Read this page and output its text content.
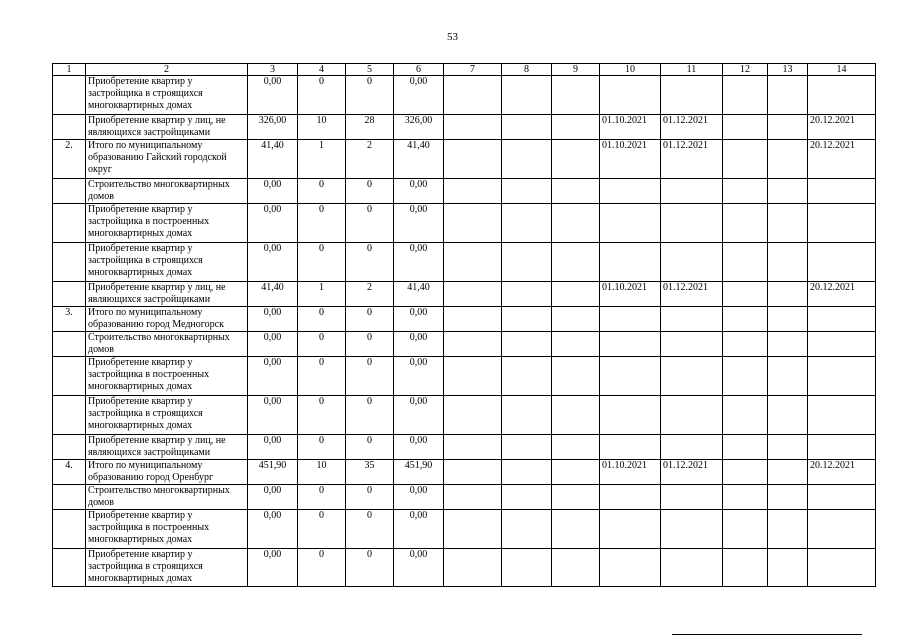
53
1	2	3	4	5	6	7	8	9	10	11	12	13	14
	Приобретение квартир у застройщика в строящихся многоквартирных домах	0,00	0	0	0,00								
	Приобретение квартир у лиц, не являющихся застройщиками	326,00	10	28	326,00				01.10.2021	01.12.2021			20.12.2021
2.	Итого по муниципальному образованию Гайский городской округ	41,40	1	2	41,40				01.10.2021	01.12.2021			20.12.2021
	Строительство многоквартирных домов	0,00	0	0	0,00								
	Приобретение квартир у застройщика в построенных многоквартирных домах	0,00	0	0	0,00								
	Приобретение квартир у застройщика в строящихся многоквартирных домах	0,00	0	0	0,00								
	Приобретение квартир у лиц, не являющихся застройщиками	41,40	1	2	41,40				01.10.2021	01.12.2021			20.12.2021
3.	Итого по муниципальному образованию город Медногорск	0,00	0	0	0,00								
	Строительство многоквартирных домов	0,00	0	0	0,00								
	Приобретение квартир у застройщика в построенных многоквартирных домах	0,00	0	0	0,00								
	Приобретение квартир у застройщика в строящихся многоквартирных домах	0,00	0	0	0,00								
	Приобретение квартир у лиц, не являющихся застройщиками	0,00	0	0	0,00								
4.	Итого по муниципальному образованию город Оренбург	451,90	10	35	451,90				01.10.2021	01.12.2021			20.12.2021
	Строительство многоквартирных домов	0,00	0	0	0,00								
	Приобретение квартир у застройщика в построенных многоквартирных домах	0,00	0	0	0,00								
	Приобретение квартир у застройщика в строящихся многоквартирных домах	0,00	0	0	0,00								
